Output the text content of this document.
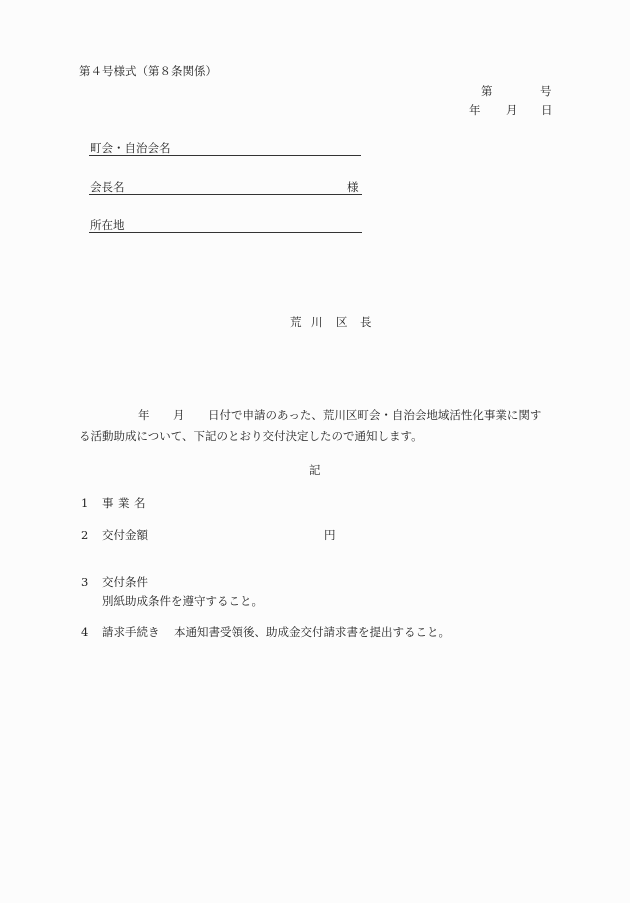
第４号様式（第８条関係）
第	号
年 月 日
町会・自治会名
会長名	様
所在地
荒 川 区 長
年 月 日付で申請のあった、荒川区町会・自治会地域活性化事業に関す
る活動助成について、下記のとおり交付決定したので通知します。
記
1 事 業 名
2 交付金額	円
3 交付条件
別紙助成条件を遵守すること。
4 請求手続き 本通知書受領後、助成金交付請求書を提出すること。
